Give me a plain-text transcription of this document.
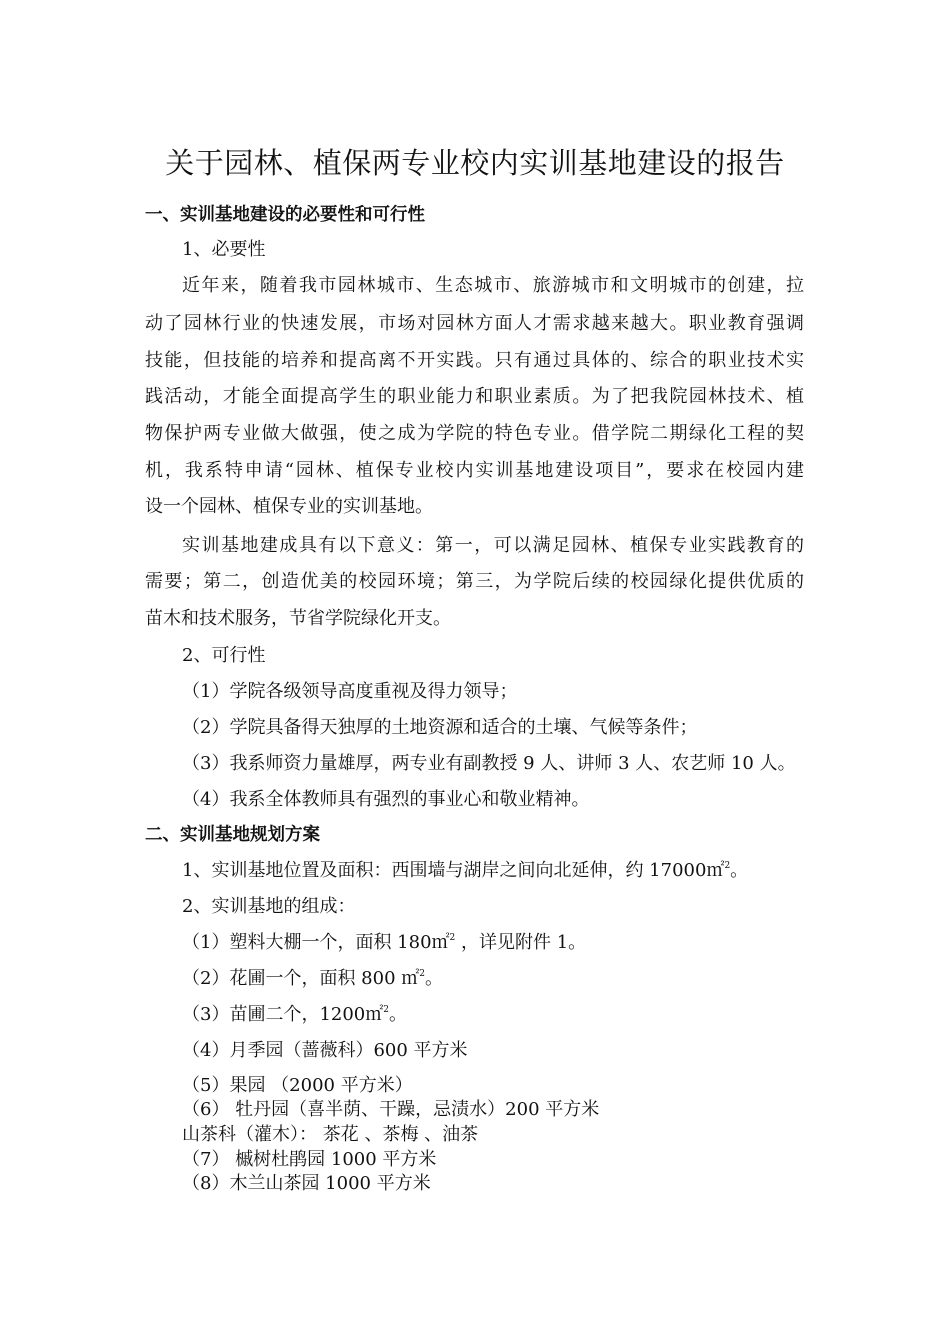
关于园林、植保两专业校内实训基地建设的报告
一、实训基地建设的必要性和可行性
1、必要性
近年来，随着我市园林城市、生态城市、旅游城市和文明城市的创建，拉
动了园林行业的快速发展，市场对园林方面人才需求越来越大。职业教育强调
技能，但技能的培养和提高离不开实践。只有通过具体的、综合的职业技术实
践活动，才能全面提高学生的职业能力和职业素质。为了把我院园林技术、植
物保护两专业做大做强，使之成为学院的特色专业。借学院二期绿化工程的契
机，我系特申请“园林、植保专业校内实训基地建设项目”，要求在校园内建
设一个园林、植保专业的实训基地。
实训基地建成具有以下意义：第一，可以满足园林、植保专业实践教育的
需要；第二，创造优美的校园环境；第三，为学院后续的校园绿化提供优质的
苗木和技术服务，节省学院绿化开支。
2、可行性
（1）学院各级领导高度重视及得力领导；
（2）学院具备得天独厚的土地资源和适合的土壤、气候等条件；
（3）我系师资力量雄厚，两专业有副教授 9 人、讲师 3 人、农艺师 10 人。
（4）我系全体教师具有强烈的事业心和敬业精神。
二、实训基地规划方案
1、实训基地位置及面积：西围墙与湖岸之间向北延伸，约 17000㎡$^2$。
2、实训基地的组成：
（1）塑料大棚一个，面积 180㎡$^2$ ，详见附件 1。
（2）花圃一个，面积 800 ㎡$^2$。
（3）苗圃二个，1200㎡$^2$。
（4）月季园（蔷薇科）600 平方米
（5）果园 （2000 平方米）
（6） 牡丹园（喜半荫、干躁，忌渍水）200 平方米
山茶科（灌木）： 茶花 、茶梅 、油茶
（7） 槭树杜鹃园 1000 平方米
（8）木兰山茶园 1000 平方米
